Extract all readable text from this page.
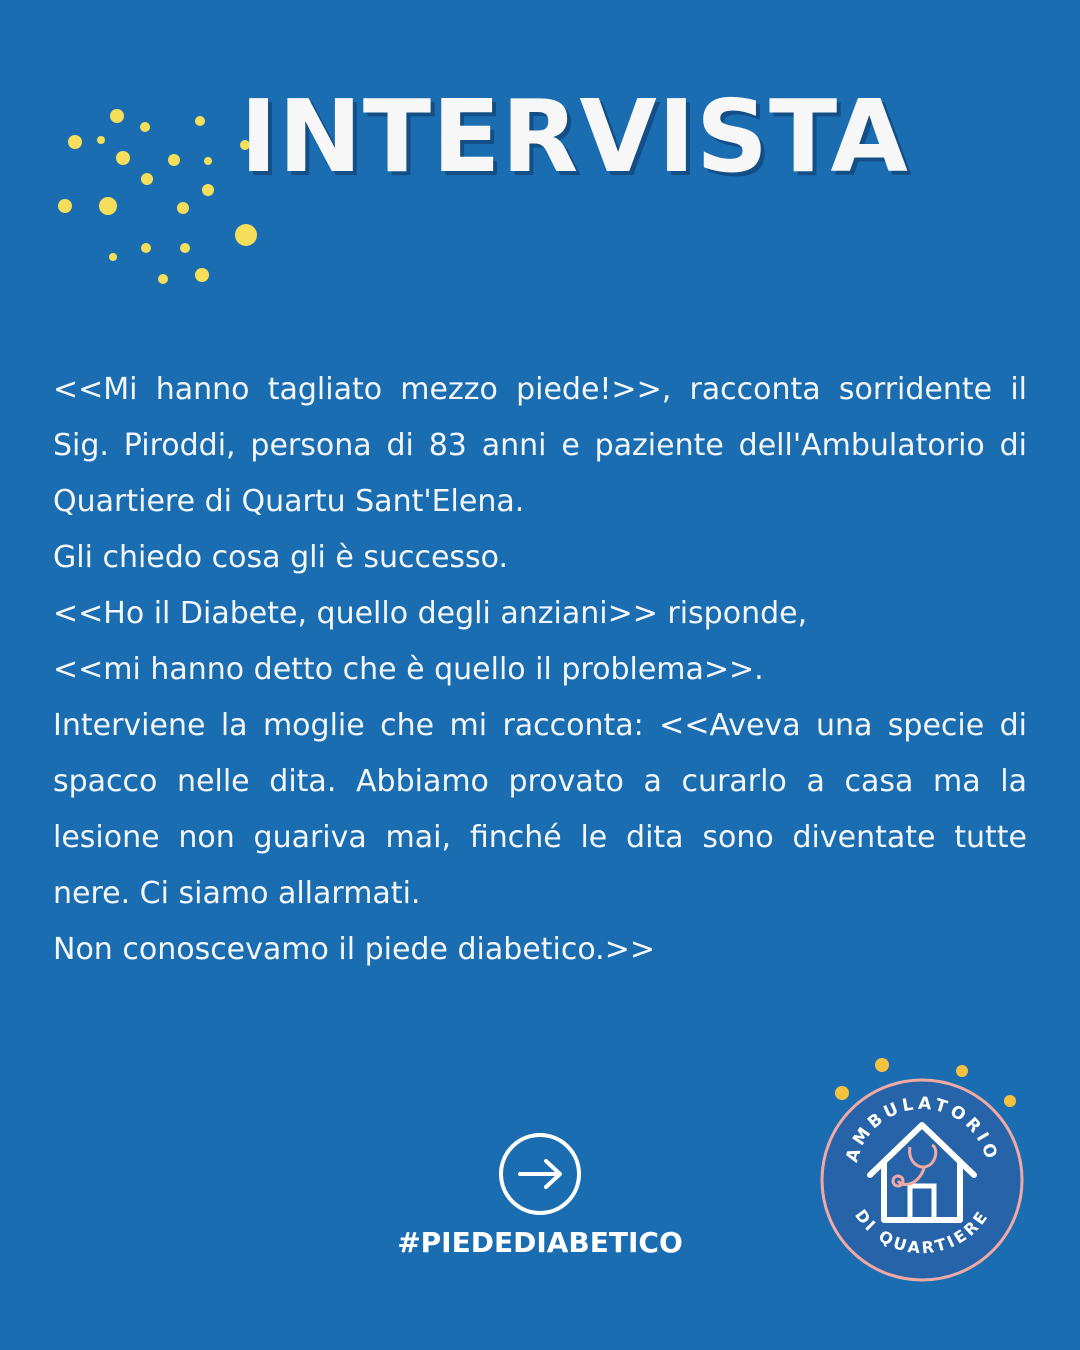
INTERVISTA

<<Mi hanno tagliato mezzo piede!>>, racconta sorridente il Sig. Piroddi, persona di 83 anni e paziente dell'Ambulatorio di Quartiere di Quartu Sant'Elena.

Gli chiedo cosa gli è successo.

<<Ho il Diabete, quello degli anziani>> risponde,

<<mi hanno detto che è quello il problema>>.

Interviene la moglie che mi racconta: <<Aveva una specie di spacco nelle dita. Abbiamo provato a curarlo a casa ma la lesione non guariva mai, finché le dita sono diventate tutte nere. Ci siamo allarmati.

Non conoscevamo il piede diabetico.>>

#PIEDEDIABETICO
AMBULATORIO
DI QUARTIERE
